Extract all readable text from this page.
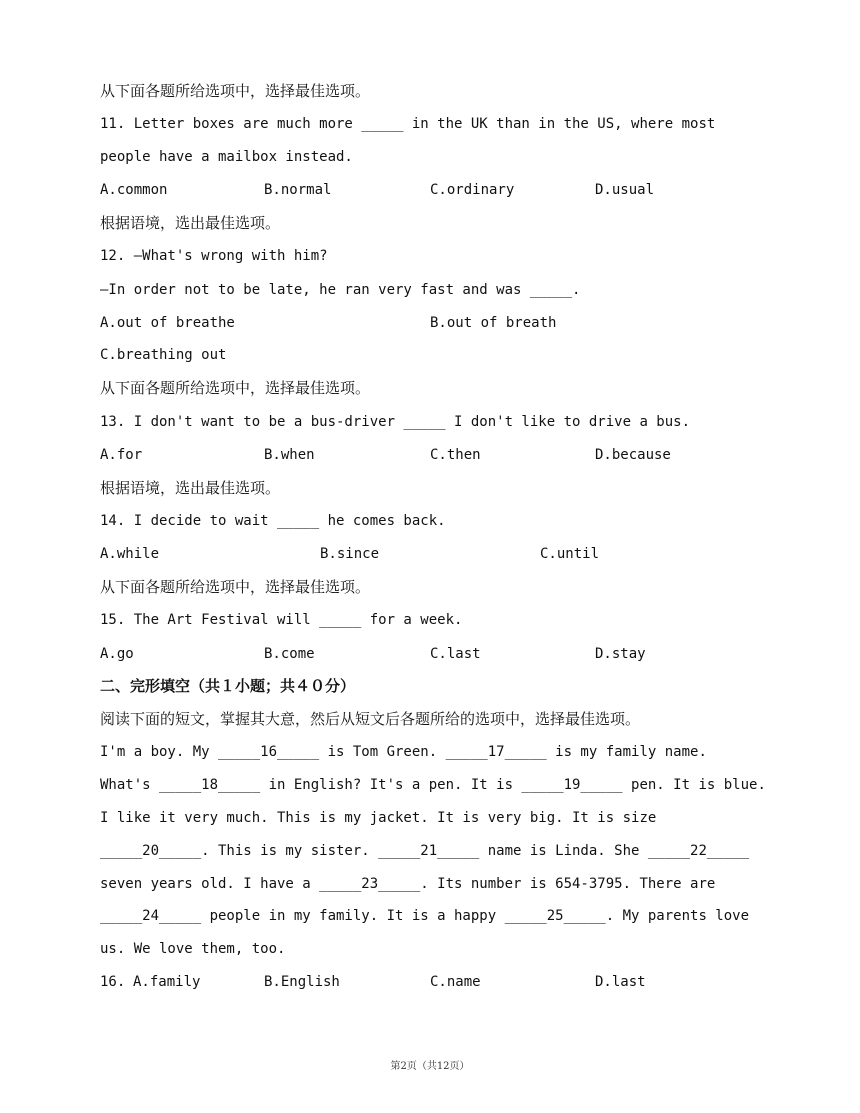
从下面各题所给选项中，选择最佳选项。
11. Letter boxes are much more _____ in the UK than in the US, where most
people have a mailbox instead.
A.common	B.normal	C.ordinary	D.usual
根据语境，选出最佳选项。
12. —What's wrong with him?
—In order not to be late, he ran very fast and was _____.
A.out of breathe	B.out of breath
C.breathing out
从下面各题所给选项中，选择最佳选项。
13. I don't want to be a bus-driver _____ I don't like to drive a bus.
A.for	B.when	C.then	D.because
根据语境，选出最佳选项。
14. I decide to wait _____ he comes back.
A.while	B.since	C.until
从下面各题所给选项中，选择最佳选项。
15. The Art Festival will _____ for a week.
A.go	B.come	C.last	D.stay
二、完形填空（共１小题；共４０分）
阅读下面的短文，掌握其大意，然后从短文后各题所给的选项中，选择最佳选项。
I'm a boy. My _____16_____ is Tom Green. _____17_____ is my family name.
What's _____18_____ in English? It's a pen. It is _____19_____ pen. It is blue.
I like it very much. This is my jacket. It is very big. It is size
_____20_____. This is my sister. _____21_____ name is Linda. She _____22_____
seven years old. I have a _____23_____. Its number is 654-3795. There are
_____24_____ people in my family. It is a happy _____25_____. My parents love
us. We love them, too.
16. A.family	B.English	C.name	D.last
第2页（共12页）
